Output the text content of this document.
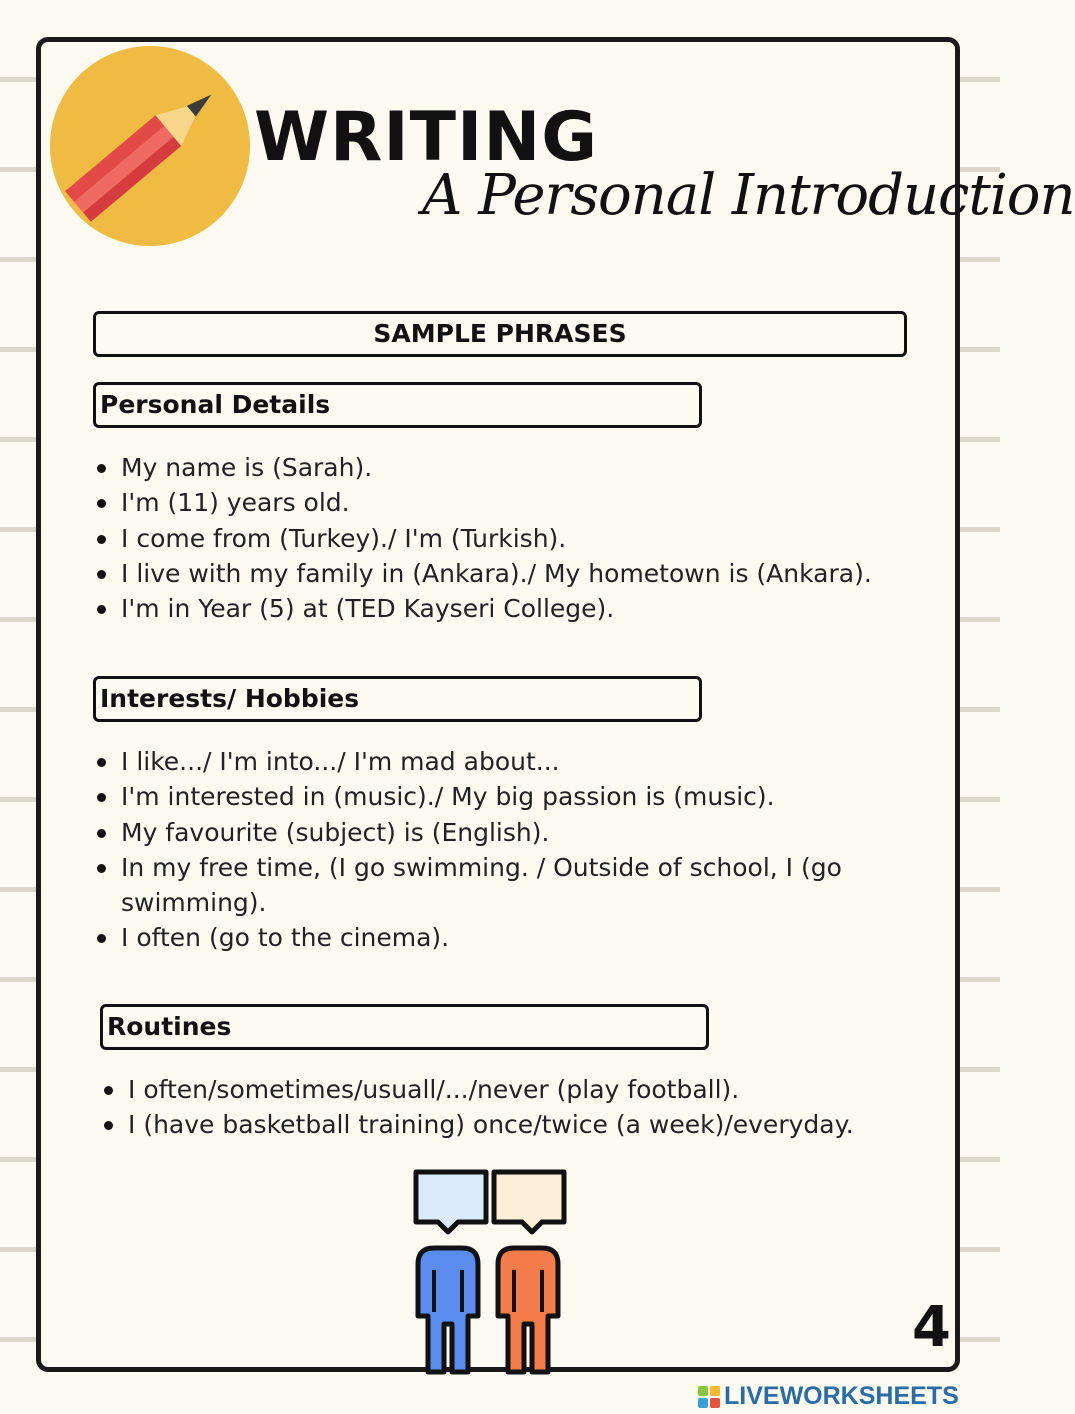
WRITING
A Personal Introduction
SAMPLE PHRASES
Personal Details
My name is (Sarah).
I'm (11) years old.
I come from (Turkey)./ I'm (Turkish).
I live with my family in (Ankara)./ My hometown is (Ankara).
I'm in Year (5) at (TED Kayseri College).
Interests/ Hobbies
I like.../ I'm into.../ I'm mad about...
I'm interested in (music)./ My big passion is (music).
My favourite (subject) is (English).
In my free time, (I go swimming. / Outside of school, I (go swimming).
I often (go to the cinema).
Routines
I often/sometimes/usuall/.../never (play football).
I (have basketball training) once/twice (a week)/everyday.
4
LIVEWORKSHEETS
